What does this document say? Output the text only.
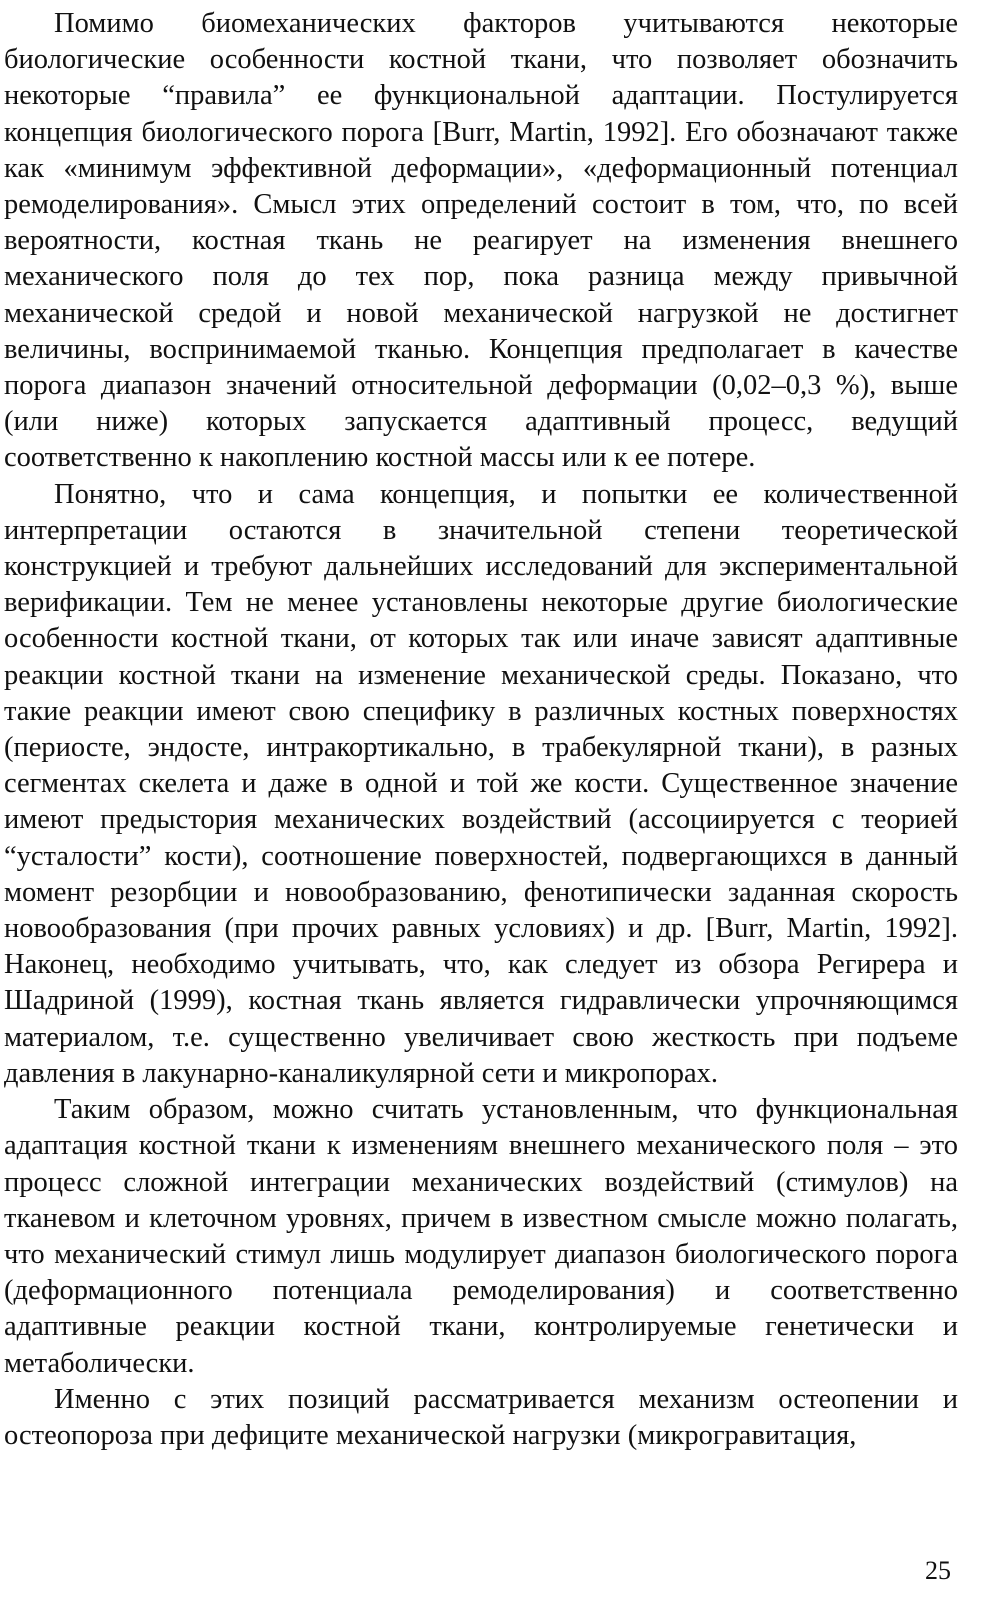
Помимо биомеханических факторов учитываются некоторые биологические особенности костной ткани, что позволяет обозначить некоторые “правила” ее функциональной адаптации. Постулируется концепция биологического порога [Burr, Martin, 1992]. Его обозначают также как «минимум эффективной деформации», «деформационный потенциал ремоделирования». Смысл этих определений состоит в том, что, по всей вероятности, костная ткань не реагирует на изменения внешнего механического поля до тех пор, пока разница между привычной механической средой и новой механической нагрузкой не достигнет величины, воспринимаемой тканью. Концепция предполагает в качестве порога диапазон значений относительной деформации (0,02–0,3 %), выше (или ниже) которых запускается адаптивный процесс, ведущий соответственно к накоплению костной массы или к ее потере.

Понятно, что и сама концепция, и попытки ее количественной интерпретации остаются в значительной степени теоретической конструкцией и требуют дальнейших исследований для экспериментальной верификации. Тем не менее установлены некоторые другие биологические особенности костной ткани, от которых так или иначе зависят адаптивные реакции костной ткани на изменение механической среды. Показано, что такие реакции имеют свою специфику в различных костных поверхностях (периосте, эндосте, интракортикально, в трабекулярной ткани), в разных сегментах скелета и даже в одной и той же кости. Существенное значение имеют предыстория механических воздействий (ассоциируется с теорией “усталости” кости), соотношение поверхностей, подвергающихся в данный момент резорбции и новообразованию, фенотипически заданная скорость новообразования (при прочих равных условиях) и др. [Burr, Martin, 1992]. Наконец, необходимо учитывать, что, как следует из обзора Регирера и Шадриной (1999), костная ткань является гидравлически упрочняющимся материалом, т.е. существенно увеличивает свою жесткость при подъеме давления в лакунарно-каналикулярной сети и микропорах.

Таким образом, можно считать установленным, что функциональная адаптация костной ткани к изменениям внешнего механического поля – это процесс сложной интеграции механических воздействий (стимулов) на тканевом и клеточном уровнях, причем в известном смысле можно полагать, что механический стимул лишь модулирует диапазон биологического порога (деформационного потенциала ремоделирования) и соответственно адаптивные реакции костной ткани, контролируемые генетически и метаболически.

Именно с этих позиций рассматривается механизм остеопении и остеопороза при дефиците механической нагрузки (микрогравитация,

25
